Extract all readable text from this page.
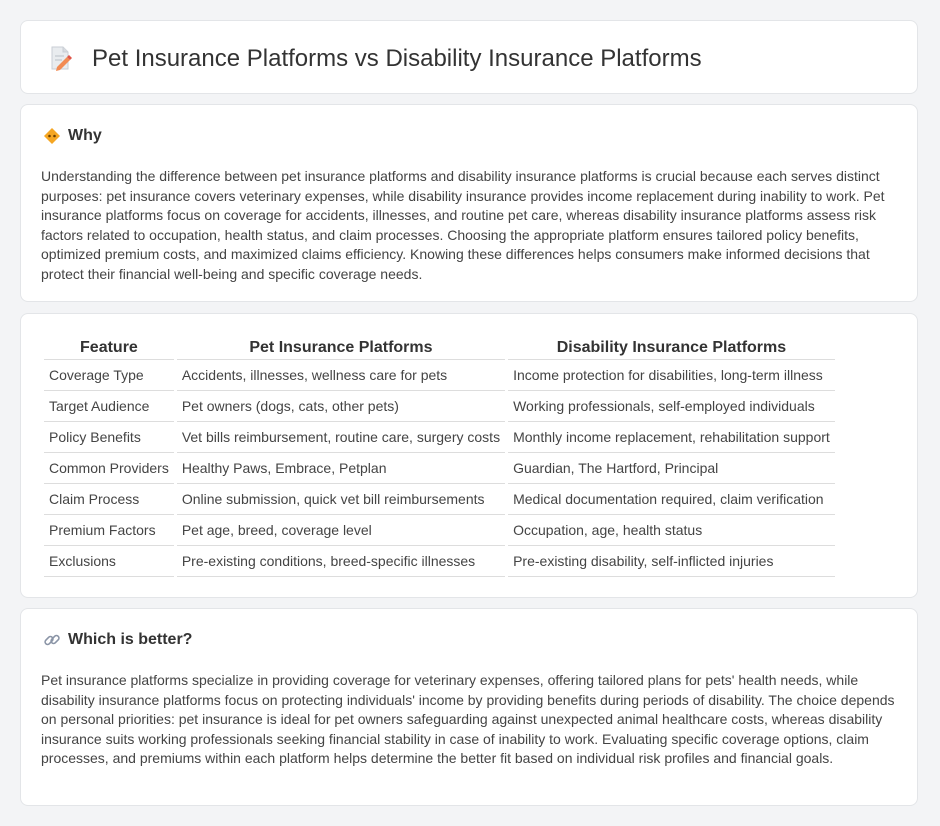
Pet Insurance Platforms vs Disability Insurance Platforms
Why

Understanding the difference between pet insurance platforms and disability insurance platforms is crucial because each serves distinct purposes: pet insurance covers veterinary expenses, while disability insurance provides income replacement during inability to work. Pet insurance platforms focus on coverage for accidents, illnesses, and routine pet care, whereas disability insurance platforms assess risk factors related to occupation, health status, and claim processes. Choosing the appropriate platform ensures tailored policy benefits, optimized premium costs, and maximized claims efficiency. Knowing these differences helps consumers make informed decisions that protect their financial well-being and specific coverage needs.

Feature	Pet Insurance Platforms	Disability Insurance Platforms
Coverage Type	Accidents, illnesses, wellness care for pets	Income protection for disabilities, long-term illness
Target Audience	Pet owners (dogs, cats, other pets)	Working professionals, self-employed individuals
Policy Benefits	Vet bills reimbursement, routine care, surgery costs	Monthly income replacement, rehabilitation support
Common Providers	Healthy Paws, Embrace, Petplan	Guardian, The Hartford, Principal
Claim Process	Online submission, quick vet bill reimbursements	Medical documentation required, claim verification
Premium Factors	Pet age, breed, coverage level	Occupation, age, health status
Exclusions	Pre-existing conditions, breed-specific illnesses	Pre-existing disability, self-inflicted injuries
Which is better?

Pet insurance platforms specialize in providing coverage for veterinary expenses, offering tailored plans for pets' health needs, while disability insurance platforms focus on protecting individuals' income by providing benefits during periods of disability. The choice depends on personal priorities: pet insurance is ideal for pet owners safeguarding against unexpected animal healthcare costs, whereas disability insurance suits working professionals seeking financial stability in case of inability to work. Evaluating specific coverage options, claim processes, and premiums within each platform helps determine the better fit based on individual risk profiles and financial goals.
